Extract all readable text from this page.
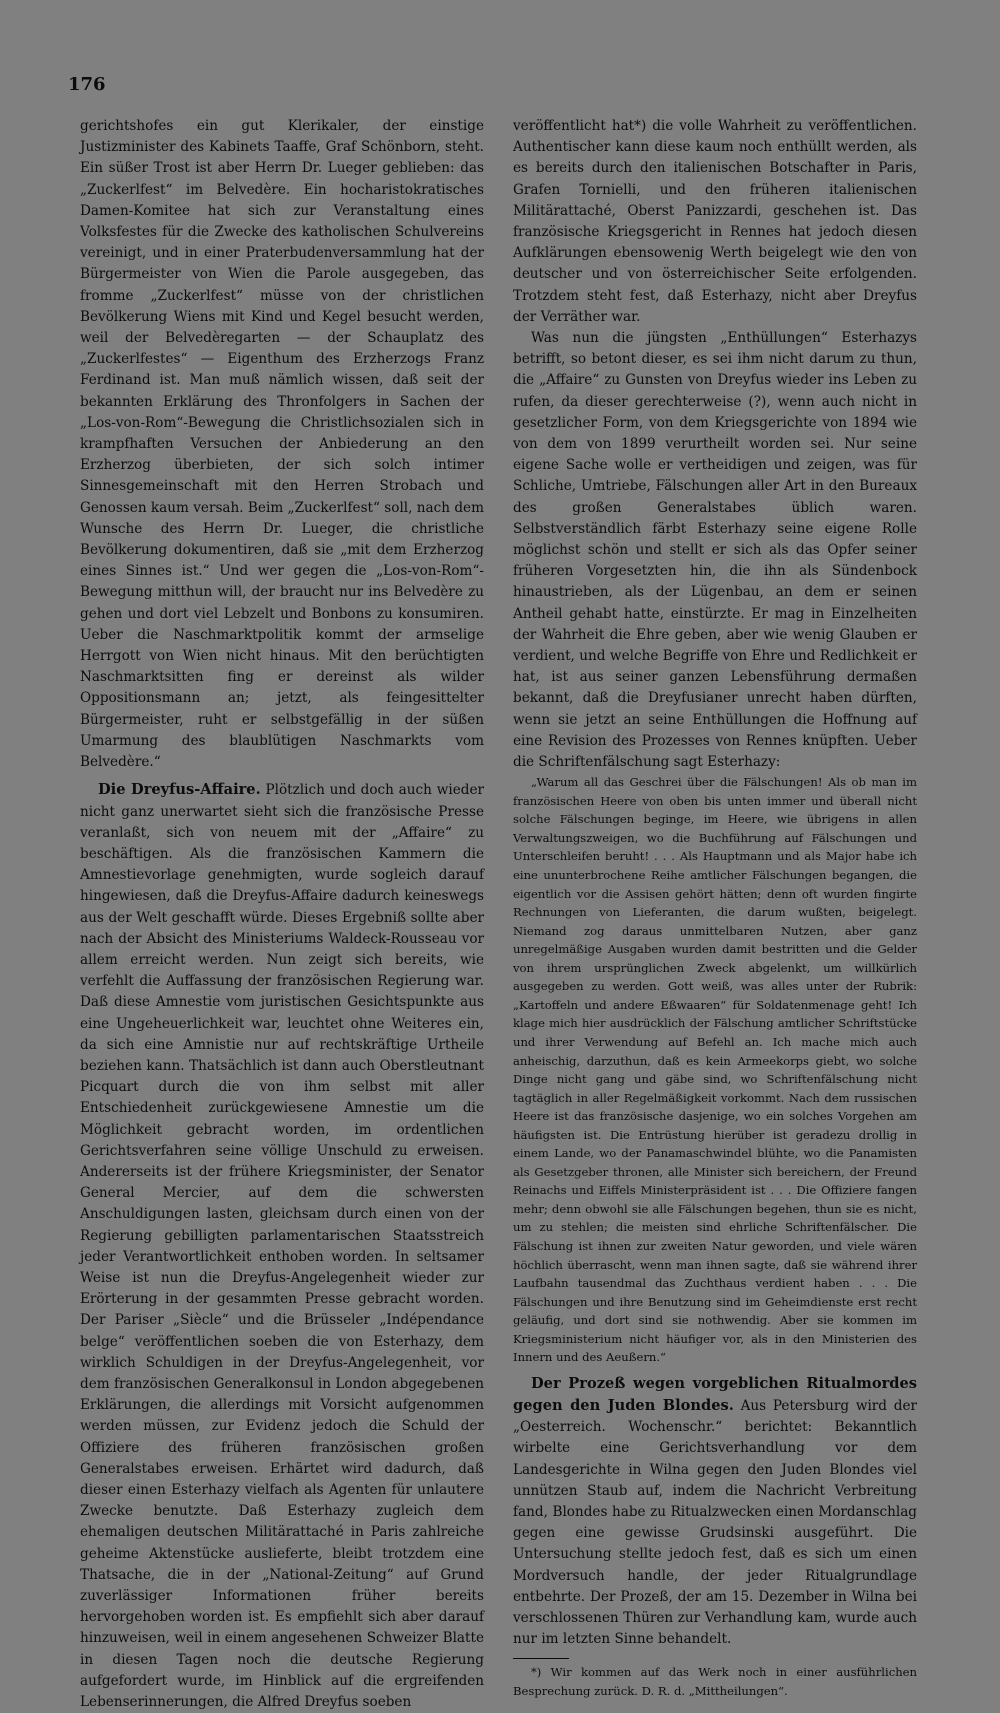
176

gerichtshofes ein gut Klerikaler, der einstige Justizminister des Kabinets Taaffe, Graf Schönborn, steht. Ein süßer Trost ist aber Herrn Dr. Lueger geblieben: das „Zuckerlfest“ im Belvedère. Ein hocharistokratisches Damen-Komitee hat sich zur Veranstaltung eines Volksfestes für die Zwecke des katholischen Schulvereins vereinigt, und in einer Praterbudenversammlung hat der Bürgermeister von Wien die Parole ausgegeben, das fromme „Zuckerlfest“ müsse von der christlichen Bevölkerung Wiens mit Kind und Kegel besucht werden, weil der Belvedèregarten — der Schauplatz des „Zuckerlfestes“ — Eigenthum des Erzherzogs Franz Ferdinand ist. Man muß nämlich wissen, daß seit der bekannten Erklärung des Thronfolgers in Sachen der „Los-von-Rom“-Bewegung die Christlichsozialen sich in krampfhaften Versuchen der Anbiederung an den Erzherzog überbieten, der sich solch intimer Sinnesgemeinschaft mit den Herren Strobach und Genossen kaum versah. Beim „Zuckerlfest“ soll, nach dem Wunsche des Herrn Dr. Lueger, die christliche Bevölkerung dokumentiren, daß sie „mit dem Erzherzog eines Sinnes ist.“ Und wer gegen die „Los-von-Rom“-Bewegung mitthun will, der braucht nur ins Belvedère zu gehen und dort viel Lebzelt und Bonbons zu konsumiren. Ueber die Naschmarktpolitik kommt der armselige Herrgott von Wien nicht hinaus. Mit den berüchtigten Naschmarktsitten fing er dereinst als wilder Oppositionsmann an; jetzt, als feingesittelter Bürgermeister, ruht er selbstgefällig in der süßen Umarmung des blaublütigen Naschmarkts vom Belvedère.“

Die Dreyfus-Affaire. Plötzlich und doch auch wieder nicht ganz unerwartet sieht sich die französische Presse veranlaßt, sich von neuem mit der „Affaire“ zu beschäftigen. Als die französischen Kammern die Amnestievorlage genehmigten, wurde sogleich darauf hingewiesen, daß die Dreyfus-Affaire dadurch keineswegs aus der Welt geschafft würde. Dieses Ergebniß sollte aber nach der Absicht des Ministeriums Waldeck-Rousseau vor allem erreicht werden. Nun zeigt sich bereits, wie verfehlt die Auffassung der französischen Regierung war. Daß diese Amnestie vom juristischen Gesichtspunkte aus eine Ungeheuerlichkeit war, leuchtet ohne Weiteres ein, da sich eine Amnistie nur auf rechtskräftige Urtheile beziehen kann. Thatsächlich ist dann auch Oberstleutnant Picquart durch die von ihm selbst mit aller Entschiedenheit zurückgewiesene Amnestie um die Möglichkeit gebracht worden, im ordentlichen Gerichtsverfahren seine völlige Unschuld zu erweisen. Andererseits ist der frühere Kriegsminister, der Senator General Mercier, auf dem die schwersten Anschuldigungen lasten, gleichsam durch einen von der Regierung gebilligten parlamentarischen Staatsstreich jeder Verantwortlichkeit enthoben worden. In seltsamer Weise ist nun die Dreyfus-Angelegenheit wieder zur Erörterung in der gesammten Presse gebracht worden. Der Pariser „Siècle“ und die Brüsseler „Indépendance belge“ veröffentlichen soeben die von Esterhazy, dem wirklich Schuldigen in der Dreyfus-Angelegenheit, vor dem französischen Generalkonsul in London abgegebenen Erklärungen, die allerdings mit Vorsicht aufgenommen werden müssen, zur Evidenz jedoch die Schuld der Offiziere des früheren französischen großen Generalstabes erweisen. Erhärtet wird dadurch, daß dieser einen Esterhazy vielfach als Agenten für unlautere Zwecke benutzte. Daß Esterhazy zugleich dem ehemaligen deutschen Militärattaché in Paris zahlreiche geheime Aktenstücke auslieferte, bleibt trotzdem eine Thatsache, die in der „National-Zeitung“ auf Grund zuverlässiger Informationen früher bereits hervorgehoben worden ist. Es empfiehlt sich aber darauf hinzuweisen, weil in einem angesehenen Schweizer Blatte in diesen Tagen noch die deutsche Regierung aufgefordert wurde, im Hinblick auf die ergreifenden Lebenserinnerungen, die Alfred Dreyfus soeben

veröffentlicht hat*) die volle Wahrheit zu veröffentlichen. Authentischer kann diese kaum noch enthüllt werden, als es bereits durch den italienischen Botschafter in Paris, Grafen Tornielli, und den früheren italienischen Militärattaché, Oberst Panizzardi, geschehen ist. Das französische Kriegsgericht in Rennes hat jedoch diesen Aufklärungen ebensowenig Werth beigelegt wie den von deutscher und von österreichischer Seite erfolgenden. Trotzdem steht fest, daß Esterhazy, nicht aber Dreyfus der Verräther war.

Was nun die jüngsten „Enthüllungen“ Esterhazys betrifft, so betont dieser, es sei ihm nicht darum zu thun, die „Affaire“ zu Gunsten von Dreyfus wieder ins Leben zu rufen, da dieser gerechterweise (?), wenn auch nicht in gesetzlicher Form, von dem Kriegsgerichte von 1894 wie von dem von 1899 verurtheilt worden sei. Nur seine eigene Sache wolle er vertheidigen und zeigen, was für Schliche, Umtriebe, Fälschungen aller Art in den Bureaux des großen Generalstabes üblich waren. Selbstverständlich färbt Esterhazy seine eigene Rolle möglichst schön und stellt er sich als das Opfer seiner früheren Vorgesetzten hin, die ihn als Sündenbock hinaustrieben, als der Lügenbau, an dem er seinen Antheil gehabt hatte, einstürzte. Er mag in Einzelheiten der Wahrheit die Ehre geben, aber wie wenig Glauben er verdient, und welche Begriffe von Ehre und Redlichkeit er hat, ist aus seiner ganzen Lebensführung dermaßen bekannt, daß die Dreyfusianer unrecht haben dürften, wenn sie jetzt an seine Enthüllungen die Hoffnung auf eine Revision des Prozesses von Rennes knüpften. Ueber die Schriftenfälschung sagt Esterhazy:

„Warum all das Geschrei über die Fälschungen! Als ob man im französischen Heere von oben bis unten immer und überall nicht solche Fälschungen beginge, im Heere, wie übrigens in allen Verwaltungszweigen, wo die Buchführung auf Fälschungen und Unterschleifen beruht! . . . Als Hauptmann und als Major habe ich eine ununterbrochene Reihe amtlicher Fälschungen begangen, die eigentlich vor die Assisen gehört hätten; denn oft wurden fingirte Rechnungen von Lieferanten, die darum wußten, beigelegt. Niemand zog daraus unmittelbaren Nutzen, aber ganz unregelmäßige Ausgaben wurden damit bestritten und die Gelder von ihrem ursprünglichen Zweck abgelenkt, um willkürlich ausgegeben zu werden. Gott weiß, was alles unter der Rubrik: „Kartoffeln und andere Eßwaaren“ für Soldatenmenage geht! Ich klage mich hier ausdrücklich der Fälschung amtlicher Schriftstücke und ihrer Verwendung auf Befehl an. Ich mache mich auch anheischig, darzuthun, daß es kein Armeekorps giebt, wo solche Dinge nicht gang und gäbe sind, wo Schriftenfälschung nicht tagtäglich in aller Regelmäßigkeit vorkommt. Nach dem russischen Heere ist das französische dasjenige, wo ein solches Vorgehen am häufigsten ist. Die Entrüstung hierüber ist geradezu drollig in einem Lande, wo der Panamaschwindel blühte, wo die Panamisten als Gesetzgeber thronen, alle Minister sich bereichern, der Freund Reinachs und Eiffels Ministerpräsident ist . . . Die Offiziere fangen mehr; denn obwohl sie alle Fälschungen begehen, thun sie es nicht, um zu stehlen; die meisten sind ehrliche Schriftenfälscher. Die Fälschung ist ihnen zur zweiten Natur geworden, und viele wären höchlich überrascht, wenn man ihnen sagte, daß sie während ihrer Laufbahn tausendmal das Zuchthaus verdient haben . . . Die Fälschungen und ihre Benutzung sind im Geheimdienste erst recht geläufig, und dort sind sie nothwendig. Aber sie kommen im Kriegsministerium nicht häufiger vor, als in den Ministerien des Innern und des Aeußern.“

Der Prozeß wegen vorgeblichen Ritualmordes gegen den Juden Blondes. Aus Petersburg wird der „Oesterreich. Wochenschr.“ berichtet: Bekanntlich wirbelte eine Gerichtsverhandlung vor dem Landesgerichte in Wilna gegen den Juden Blondes viel unnützen Staub auf, indem die Nachricht Verbreitung fand, Blondes habe zu Ritualzwecken einen Mordanschlag gegen eine gewisse Grudsinski ausgeführt. Die Untersuchung stellte jedoch fest, daß es sich um einen Mordversuch handle, der jeder Ritualgrundlage entbehrte. Der Prozeß, der am 15. Dezember in Wilna bei verschlossenen Thüren zur Verhandlung kam, wurde auch nur im letzten Sinne behandelt.

*) Wir kommen auf das Werk noch in einer ausführlichen Besprechung zurück. D. R. d. „Mittheilungen“.
